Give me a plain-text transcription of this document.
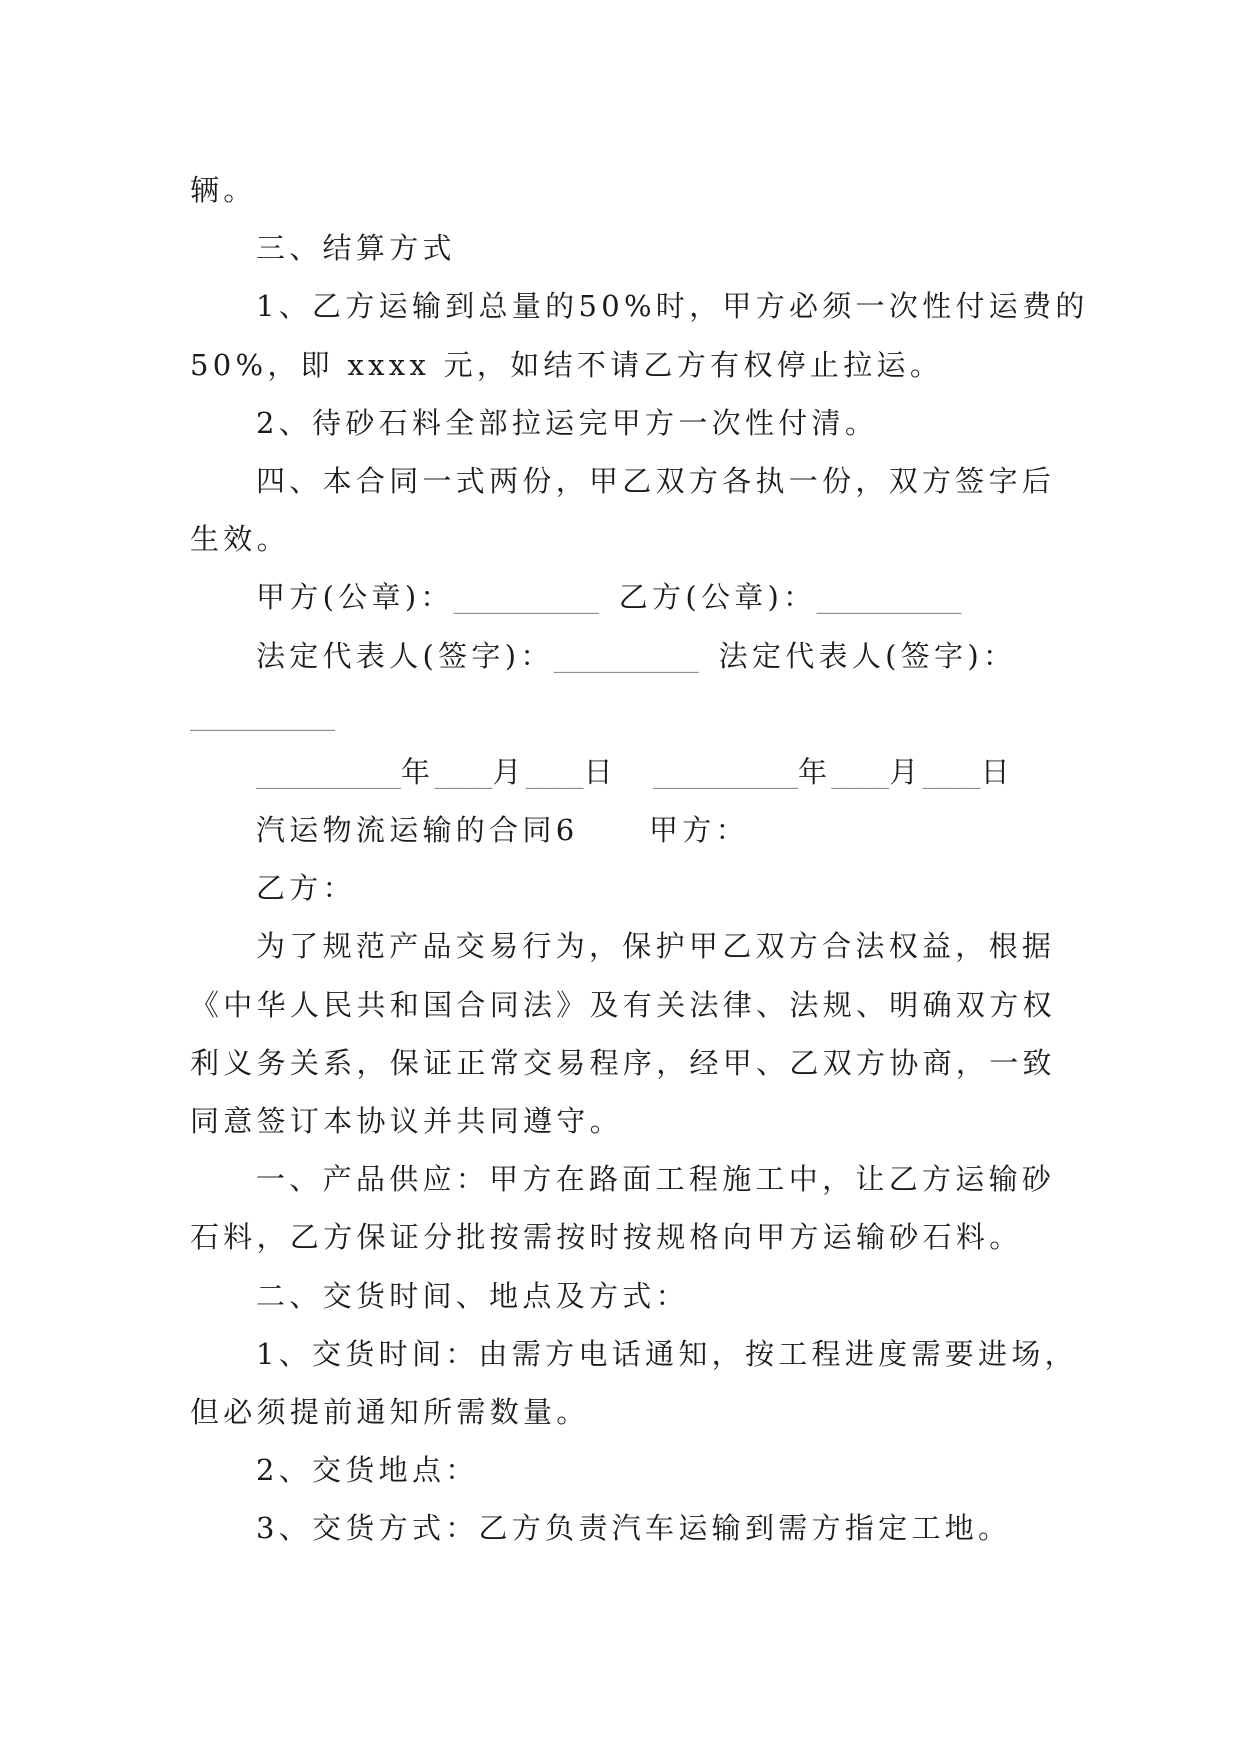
辆。
三、结算方式
1、乙方运输到总量的50%时，甲方必须一次性付运费的
50%，即 xxxx 元，如结不请乙方有权停止拉运。
2、待砂石料全部拉运完甲方一次性付清。
四、本合同一式两份，甲乙双方各执一份，双方签字后
生效。
甲方(公章)：__________ 乙方(公章)：__________
法定代表人(签字)：__________ 法定代表人(签字)：
__________
__________年____月____日 __________年____月____日
汽运物流运输的合同6 甲方：
乙方：
为了规范产品交易行为，保护甲乙双方合法权益，根据
《中华人民共和国合同法》及有关法律、法规、明确双方权
利义务关系，保证正常交易程序，经甲、乙双方协商，一致
同意签订本协议并共同遵守。
一、产品供应：甲方在路面工程施工中，让乙方运输砂
石料，乙方保证分批按需按时按规格向甲方运输砂石料。
二、交货时间、地点及方式：
1、交货时间：由需方电话通知，按工程进度需要进场，
但必须提前通知所需数量。
2、交货地点：
3、交货方式：乙方负责汽车运输到需方指定工地。
